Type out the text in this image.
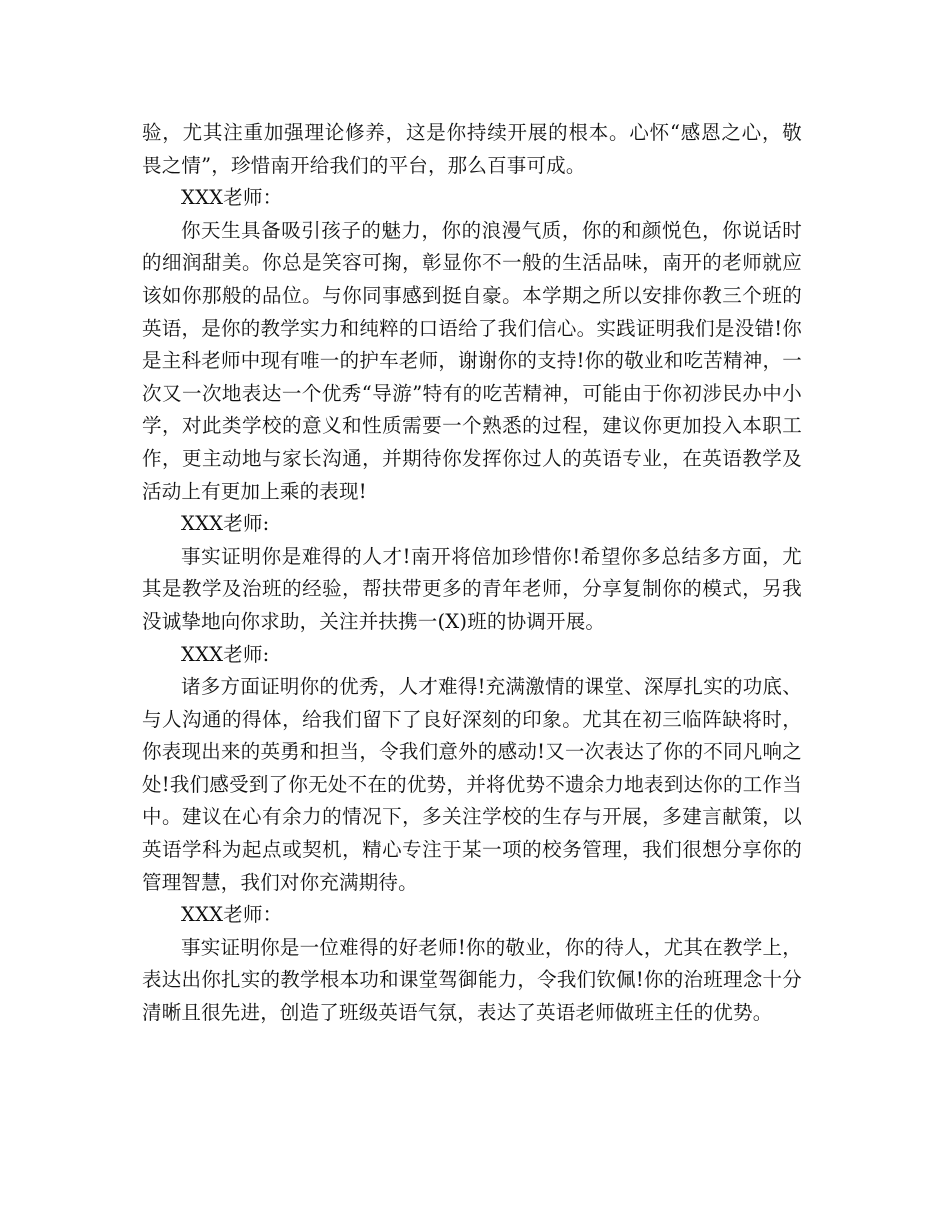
验，尤其注重加强理论修养，这是你持续开展的根本。心怀“感恩之心，敬畏之情”，珍惜南开给我们的平台，那么百事可成。

XXX老师：

你天生具备吸引孩子的魅力，你的浪漫气质，你的和颜悦色，你说话时的细润甜美。你总是笑容可掬，彰显你不一般的生活品味，南开的老师就应该如你那般的品位。与你同事感到挺自豪。本学期之所以安排你教三个班的英语，是你的教学实力和纯粹的口语给了我们信心。实践证明我们是没错!你是主科老师中现有唯一的护车老师，谢谢你的支持!你的敬业和吃苦精神，一次又一次地表达一个优秀“导游”特有的吃苦精神，可能由于你初涉民办中小学，对此类学校的意义和性质需要一个熟悉的过程，建议你更加投入本职工作，更主动地与家长沟通，并期待你发挥你过人的英语专业，在英语教学及活动上有更加上乘的表现!

XXX老师:

事实证明你是难得的人才!南开将倍加珍惜你!希望你多总结多方面，尤其是教学及治班的经验，帮扶带更多的青年老师，分享复制你的模式，另我没诚挚地向你求助，关注并扶携一(X)班的协调开展。

XXX老师:

诸多方面证明你的优秀，人才难得!充满激情的课堂、深厚扎实的功底、与人沟通的得体，给我们留下了良好深刻的印象。尤其在初三临阵缺将时，你表现出来的英勇和担当，令我们意外的感动!又一次表达了你的不同凡响之处!我们感受到了你无处不在的优势，并将优势不遗余力地表到达你的工作当中。建议在心有余力的情况下，多关注学校的生存与开展，多建言献策，以英语学科为起点或契机，精心专注于某一项的校务管理，我们很想分享你的管理智慧，我们对你充满期待。

XXX老师：

事实证明你是一位难得的好老师!你的敬业，你的待人，尤其在教学上，表达出你扎实的教学根本功和课堂驾御能力，令我们钦佩!你的治班理念十分清晰且很先进，创造了班级英语气氛，表达了英语老师做班主任的优势。
